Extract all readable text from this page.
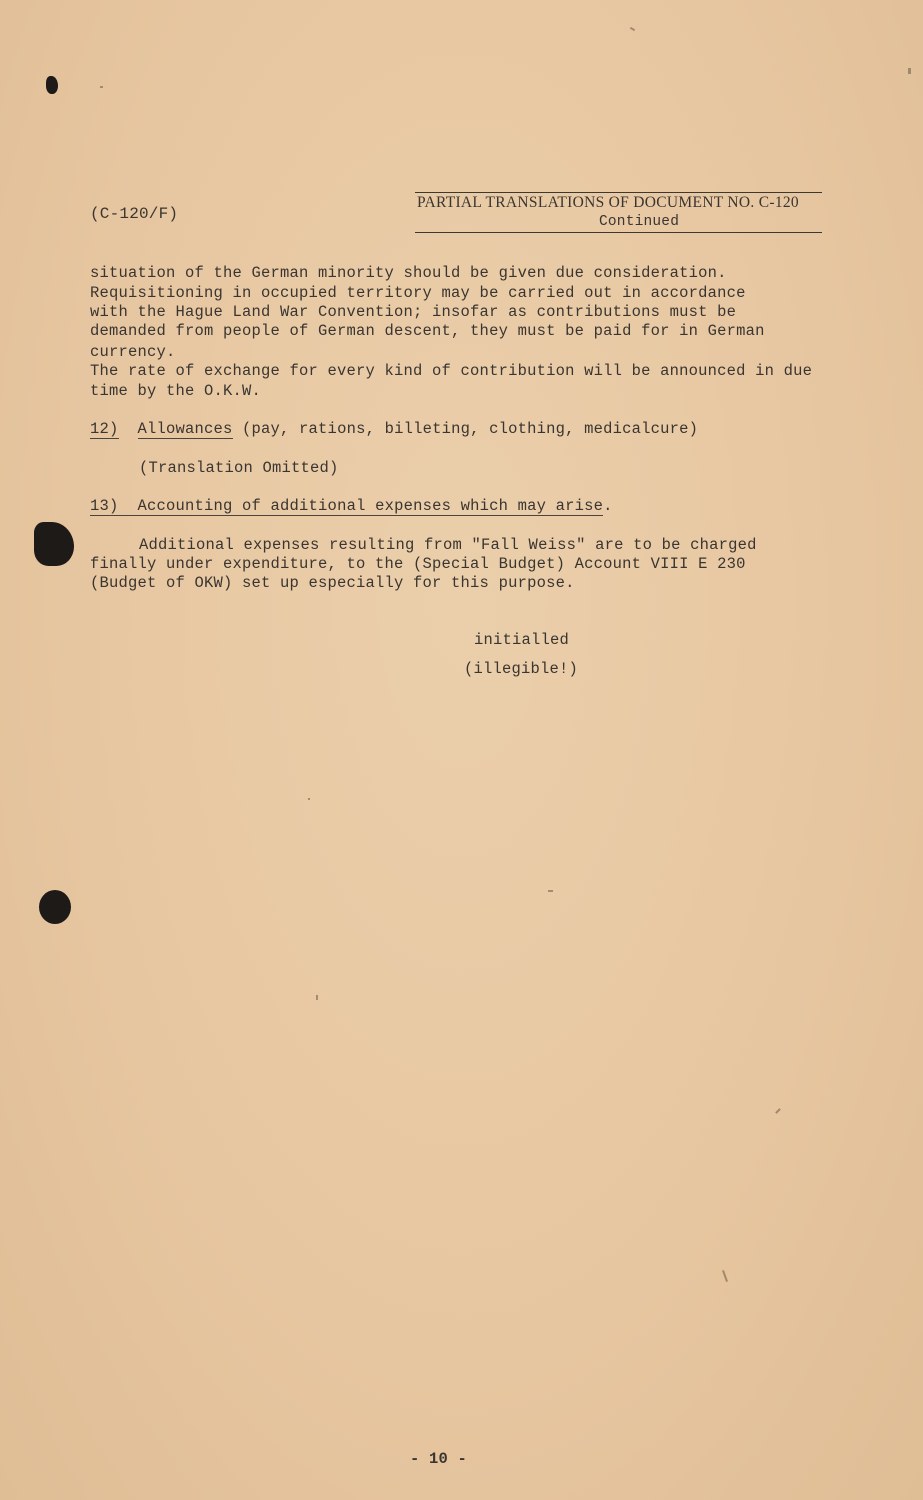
(C-120/F)
PARTIAL TRANSLATIONS OF DOCUMENT NO. C-120
Continued
situation of the German minority should be given due consideration.
Requisitioning in occupied territory may be carried out in accordance
with the Hague Land War Convention; insofar as contributions must be
demanded from people of German descent, they must be paid for in German
currency.
The rate of exchange for every kind of contribution will be announced in due
time by the O.K.W.
12) Allowances (pay, rations, billeting, clothing, medicalcure)
(Translation Omitted)
13) Accounting of additional expenses which may arise.
Additional expenses resulting from "Fall Weiss" are to be charged
finally under expenditure, to the (Special Budget) Account VIII E 230
(Budget of OKW) set up especially for this purpose.
initialled
(illegible!)
- 10 -
